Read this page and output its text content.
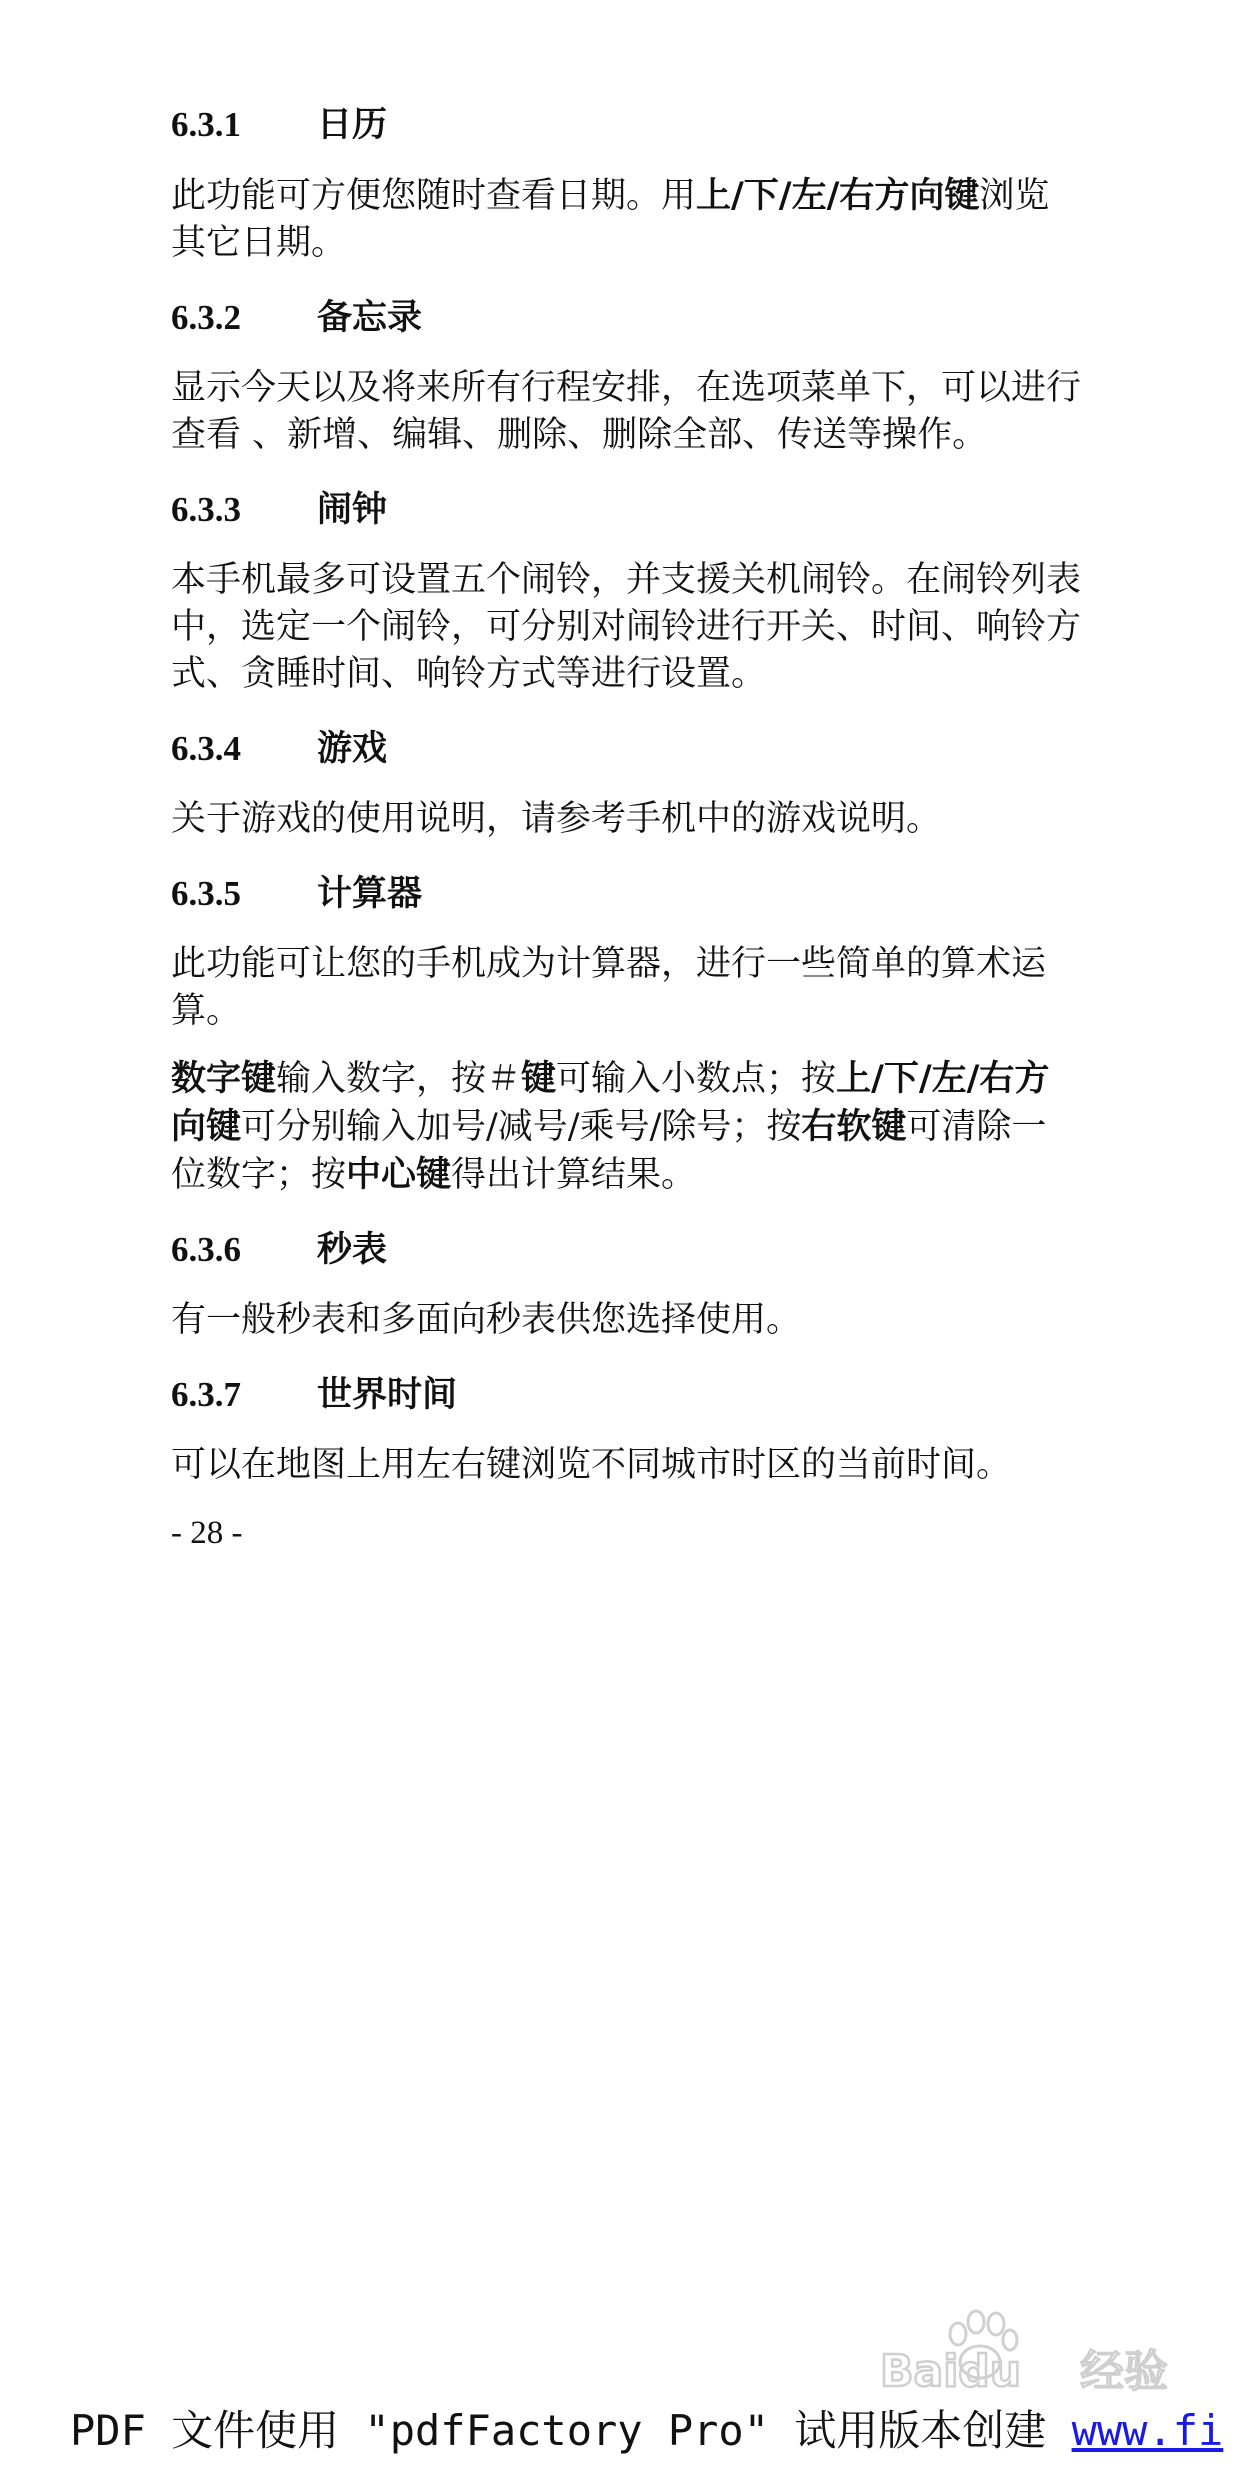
6.3.1	日历

此功能可方便您随时查看日期。用上/下/左/右方向键浏览其它日期。

6.3.2	备忘录

显示今天以及将来所有行程安排，在选项菜单下，可以进行查看 、新增、编辑、删除、删除全部、传送等操作。

6.3.3	闹钟

本手机最多可设置五个闹铃，并支援关机闹铃。在闹铃列表中，选定一个闹铃，可分别对闹铃进行开关、时间、响铃方式、贪睡时间、响铃方式等进行设置。

6.3.4	游戏

关于游戏的使用说明，请参考手机中的游戏说明。

6.3.5	计算器

此功能可让您的手机成为计算器，进行一些简单的算术运算。

数字键输入数字，按＃键可输入小数点；按上/下/左/右方向键可分别输入加号/减号/乘号/除号；按右软键可清除一位数字；按中心键得出计算结果。

6.3.6	秒表

有一般秒表和多面向秒表供您选择使用。

6.3.7	世界时间

可以在地图上用左右键浏览不同城市时区的当前时间。

- 28 -
Baidu 经验
PDF 文件使用 "pdfFactory Pro" 试用版本创建 www.fi
